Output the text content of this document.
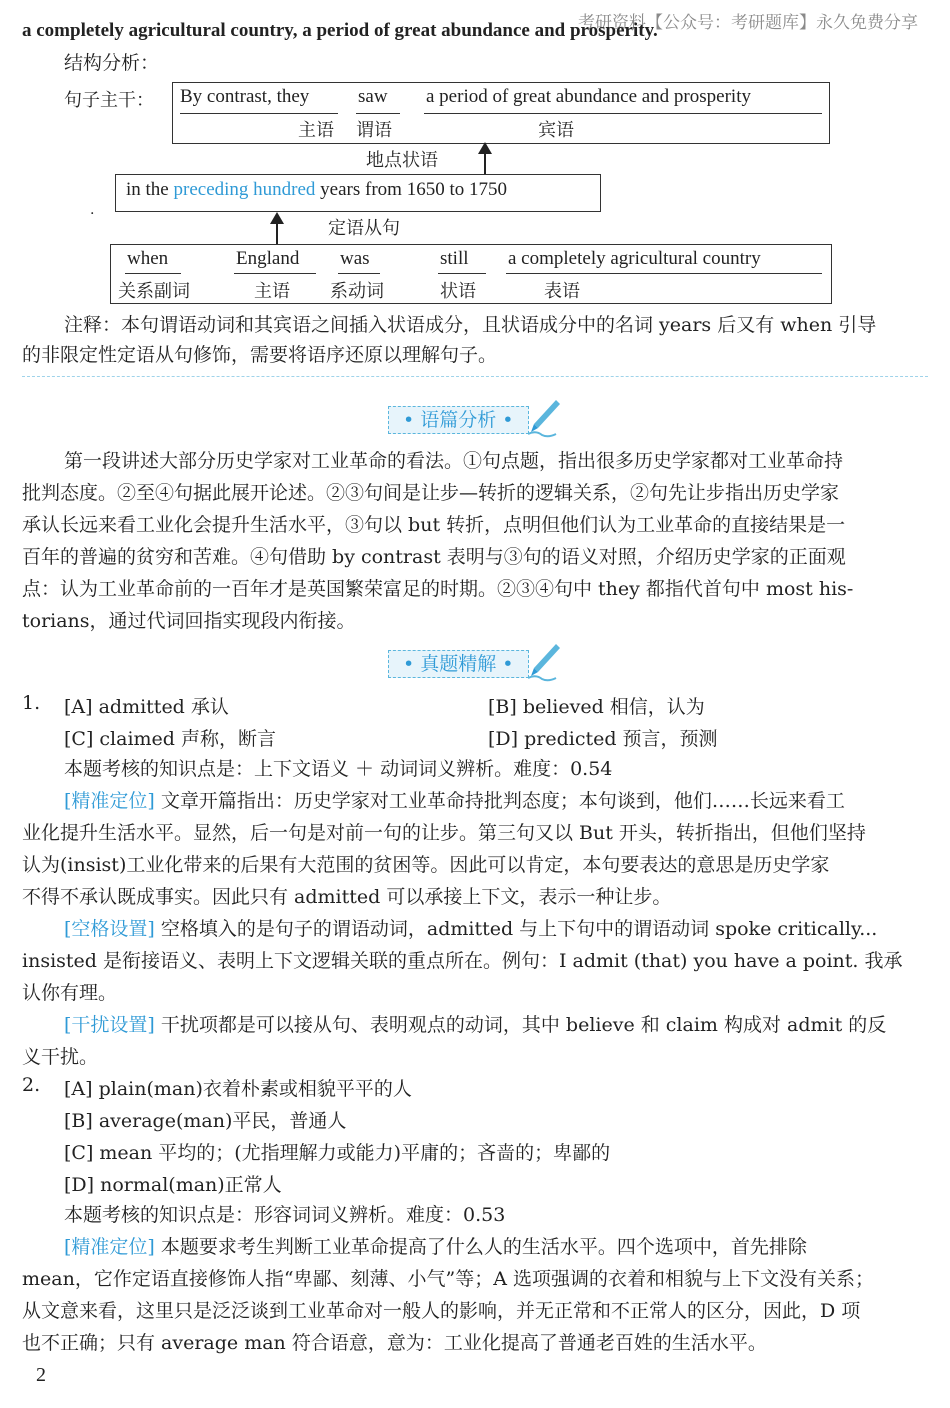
考研资料【公众号：考研题库】永久免费分享
a completely agricultural country, a period of great abundance and prosperity.
结构分析：
句子主干： By contrast, they
主语
saw
谓语
a period of great abundance and prosperity
宾语
地点状语
in the preceding hundred years from 1650 to 1750
定语从句
.
when
关系副词
England
主语
was
系动词
still
状语
a completely agricultural country
表语
注释：本句谓语动词和其宾语之间插入状语成分，且状语成分中的名词 years 后又有 when 引导
的非限定性定语从句修饰，需要将语序还原以理解句子。
• 语篇分析 •
第一段讲述大部分历史学家对工业革命的看法。①句点题，指出很多历史学家都对工业革命持
批判态度。②至④句据此展开论述。②③句间是让步—转折的逻辑关系，②句先让步指出历史学家
承认长远来看工业化会提升生活水平，③句以 but 转折，点明但他们认为工业革命的直接结果是一
百年的普遍的贫穷和苦难。④句借助 by contrast 表明与③句的语义对照，介绍历史学家的正面观
点：认为工业革命前的一百年才是英国繁荣富足的时期。②③④句中 they 都指代首句中 most his-
torians，通过代词回指实现段内衔接。
• 真题精解 •
1. [A] admitted 承认	[B] believed 相信，认为
[C] claimed 声称，断言	[D] predicted 预言，预测
本题考核的知识点是：上下文语义 ＋ 动词词义辨析。难度：0.54
[精准定位] 文章开篇指出：历史学家对工业革命持批判态度；本句谈到，他们……长远来看工
业化提升生活水平。显然，后一句是对前一句的让步。第三句又以 But 开头，转折指出，但他们坚持
认为(insist)工业化带来的后果有大范围的贫困等。因此可以肯定，本句要表达的意思是历史学家
不得不承认既成事实。因此只有 admitted 可以承接上下文，表示一种让步。
[空格设置] 空格填入的是句子的谓语动词，admitted 与上下句中的谓语动词 spoke critically...
insisted 是衔接语义、表明上下文逻辑关联的重点所在。例句：I admit (that) you have a point. 我承
认你有理。
[干扰设置] 干扰项都是可以接从句、表明观点的动词，其中 believe 和 claim 构成对 admit 的反
义干扰。
2. [A] plain(man)衣着朴素或相貌平平的人
[B] average(man)平民，普通人
[C] mean 平均的；(尤指理解力或能力)平庸的；吝啬的；卑鄙的
[D] normal(man)正常人
本题考核的知识点是：形容词词义辨析。难度：0.53
[精准定位] 本题要求考生判断工业革命提高了什么人的生活水平。四个选项中，首先排除
mean，它作定语直接修饰人指“卑鄙、刻薄、小气”等；A 选项强调的衣着和相貌与上下文没有关系；
从文意来看，这里只是泛泛谈到工业革命对一般人的影响，并无正常和不正常人的区分，因此，D 项
也不正确；只有 average man 符合语意，意为：工业化提高了普通老百姓的生活水平。
2
